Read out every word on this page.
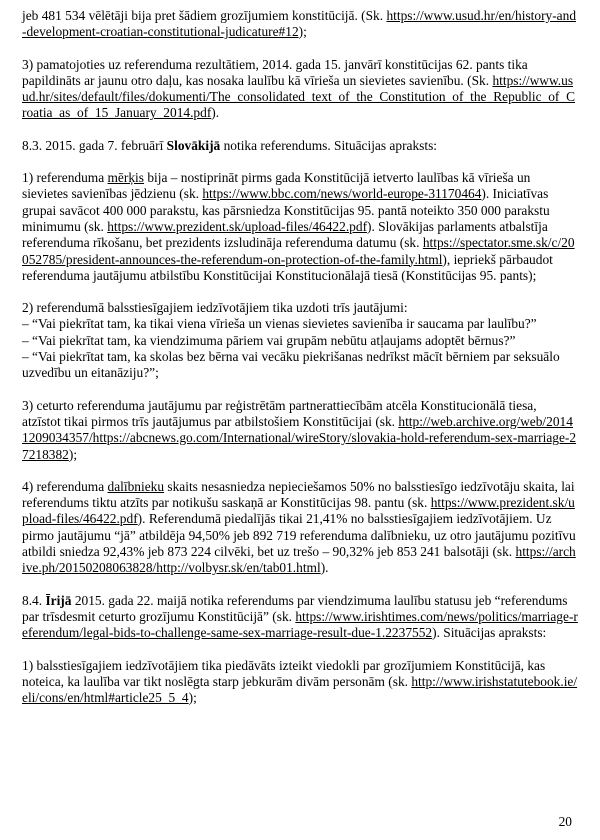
jeb 481 534 vēlētāji bija pret šādiem grozījumiem konstitūcijā. (Sk. https://www.usud.hr/en/history-and-development-croatian-constitutional-judicature#12);

3) pamatojoties uz referenduma rezultātiem, 2014. gada 15. janvārī konstitūcijas 62. pants tika papildināts ar jaunu otro daļu, kas nosaka laulību kā vīrieša un sievietes savienību. (Sk. https://www.usud.hr/sites/default/files/dokumenti/The_consolidated_text_of_the_Constitution_of_the_Republic_of_Croatia_as_of_15_January_2014.pdf).

8.3. 2015. gada 7. februārī Slovākijā notika referendums. Situācijas apraksts:

1) referenduma mērķis bija – nostiprināt pirms gada Konstitūcijā ietverto laulības kā vīrieša un sievietes savienības jēdzienu (sk. https://www.bbc.com/news/world-europe-31170464). Iniciatīvas grupai savācot 400 000 parakstu, kas pārsniedza Konstitūcijas 95. pantā noteikto 350 000 parakstu minimumu (sk. https://www.prezident.sk/upload-files/46422.pdf). Slovākijas parlaments atbalstīja referenduma rīkošanu, bet prezidents izsludināja referenduma datumu (sk. https://spectator.sme.sk/c/20052785/president-announces-the-referendum-on-protection-of-the-family.html), iepriekš pārbaudot referenduma jautājumu atbilstību Konstitūcijai Konstitucionālajā tiesā (Konstitūcijas 95. pants);

2) referendumā balsstiesīgajiem iedzīvotājiem tika uzdoti trīs jautājumi:
– “Vai piekrītat tam, ka tikai viena vīrieša un vienas sievietes savienība ir saucama par laulību?”
– “Vai piekrītat tam, ka viendzimuma pāriem vai grupām nebūtu atļaujams adoptēt bērnus?”
– “Vai piekrītat tam, ka skolas bez bērna vai vecāku piekrišanas nedrīkst mācīt bērniem par seksuālo uzvedību un eitanāziju?”;

3) ceturto referenduma jautājumu par reģistrētām partnerattiecībām atcēla Konstitucionālā tiesa, atzīstot tikai pirmos trīs jautājumus par atbilstošiem Konstitūcijai (sk. http://web.archive.org/web/20141209034357/https://abcnews.go.com/International/wireStory/slovakia-hold-referendum-sex-marriage-27218382);

4) referenduma dalībnieku skaits nesasniedza nepieciešamos 50% no balsstiesīgo iedzīvotāju skaita, lai referendums tiktu atzīts par notikušu saskaņā ar Konstitūcijas 98. pantu (sk. https://www.prezident.sk/upload-files/46422.pdf). Referendumā piedalījās tikai 21,41% no balsstiesīgajiem iedzīvotājiem. Uz pirmo jautājumu “jā” atbildēja 94,50% jeb 892 719 referenduma dalībnieku, uz otro jautājumu pozitīvu atbildi sniedza 92,43% jeb 873 224 cilvēki, bet uz trešo – 90,32% jeb 853 241 balsotāji (sk. https://archive.ph/20150208063828/http://volbysr.sk/en/tab01.html).

8.4. Īrijā 2015. gada 22. maijā notika referendums par viendzimuma laulību statusu jeb “referendums par trīsdesmit ceturto grozījumu Konstitūcijā” (sk. https://www.irishtimes.com/news/politics/marriage-referendum/legal-bids-to-challenge-same-sex-marriage-result-due-1.2237552). Situācijas apraksts:

1) balsstiesīgajiem iedzīvotājiem tika piedāvāts izteikt viedokli par grozījumiem Konstitūcijā, kas noteica, ka laulība var tikt noslēgta starp jebkurām divām personām (sk. http://www.irishstatutebook.ie/eli/cons/en/html#article25_5_4);

20
